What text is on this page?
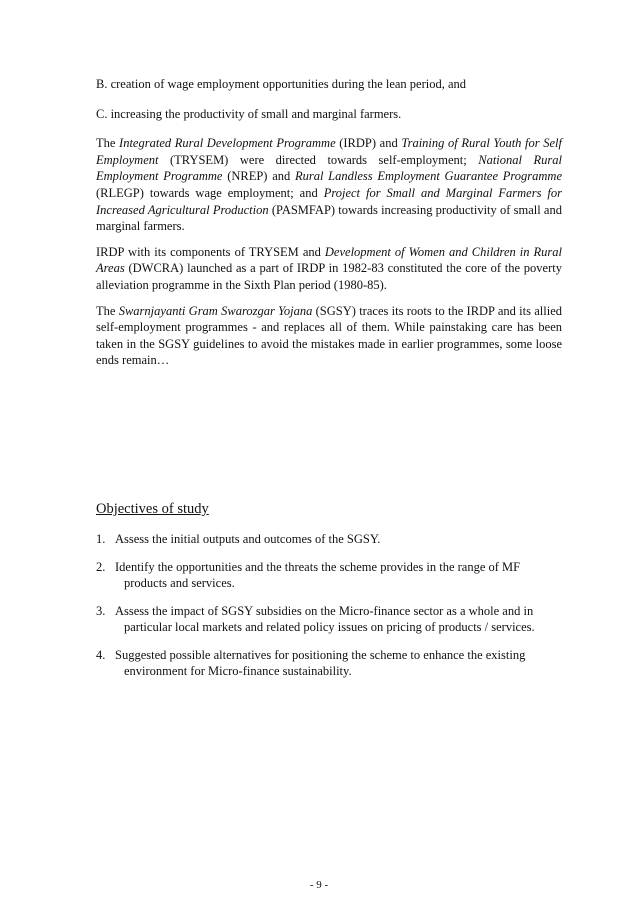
B. creation of wage employment opportunities during the lean period, and

C. increasing the productivity of small and marginal farmers.

The Integrated Rural Development Programme (IRDP) and Training of Rural Youth for Self Employment (TRYSEM) were directed towards self-employment; National Rural Employment Programme (NREP) and Rural Landless Employment Guarantee Programme (RLEGP) towards wage employment; and Project for Small and Marginal Farmers for Increased Agricultural Production (PASMFAP) towards increasing productivity of small and marginal farmers.

IRDP with its components of TRYSEM and Development of Women and Children in Rural Areas (DWCRA) launched as a part of IRDP in 1982-83 constituted the core of the poverty alleviation programme in the Sixth Plan period (1980-85).

The Swarnjayanti Gram Swarozgar Yojana (SGSY) traces its roots to the IRDP and its allied self-employment programmes - and replaces all of them. While painstaking care has been taken in the SGSY guidelines to avoid the mistakes made in earlier programmes, some loose ends remain…

Objectives of study
1. Assess the initial outputs and outcomes of the SGSY.
2. Identify the opportunities and the threats the scheme provides in the range of MF
products and services.
3. Assess the impact of SGSY subsidies on the Micro-finance sector as a whole and in
particular local markets and related policy issues on pricing of products / services.
4. Suggested possible alternatives for positioning the scheme to enhance the existing
environment for Micro-finance sustainability.
- 9 -
